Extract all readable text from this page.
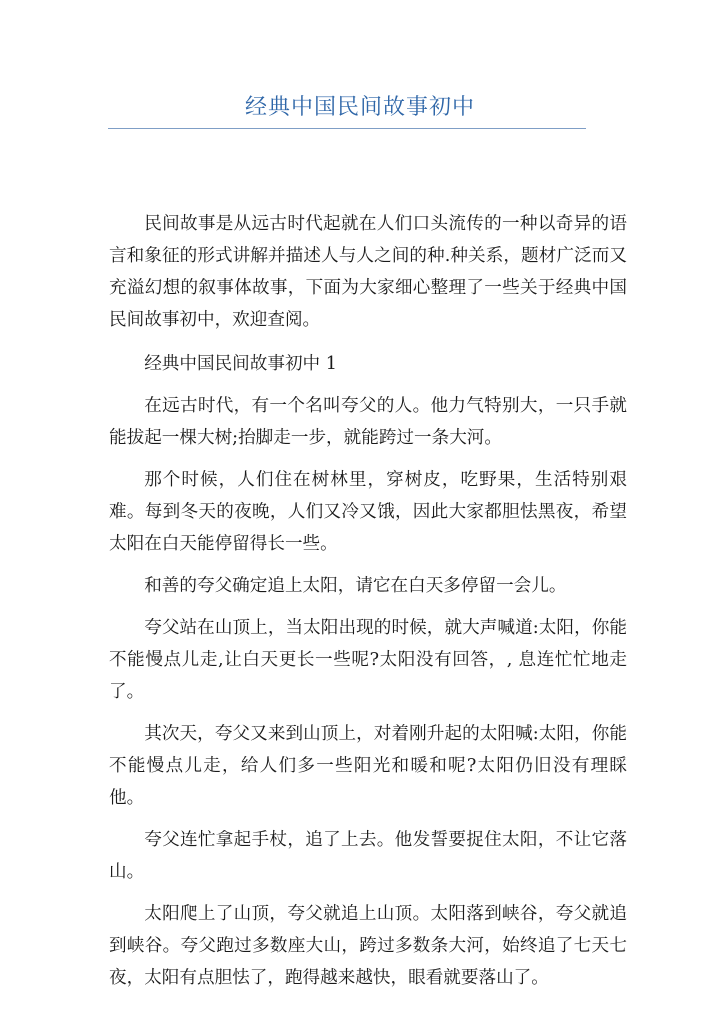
经典中国民间故事初中

民间故事是从远古时代起就在人们口头流传的一种以奇异的语言和象征的形式讲解并描述人与人之间的种.种关系，题材广泛而又充溢幻想的叙事体故事，下面为大家细心整理了一些关于经典中国民间故事初中，欢迎查阅。

经典中国民间故事初中 1

在远古时代，有一个名叫夸父的人。他力气特别大，一只手就能拔起一棵大树;抬脚走一步，就能跨过一条大河。

那个时候，人们住在树林里，穿树皮，吃野果，生活特别艰难。每到冬天的夜晚，人们又冷又饿，因此大家都胆怯黑夜，希望太阳在白天能停留得长一些。

和善的夸父确定追上太阳，请它在白天多停留一会儿。

夸父站在山顶上，当太阳出现的时候，就大声喊道:太阳，你能不能慢点儿走,让白天更长一些呢?太阳没有回答，, 息连忙忙地走了。

其次天，夸父又来到山顶上，对着刚升起的太阳喊:太阳，你能不能慢点儿走，给人们多一些阳光和暖和呢?太阳仍旧没有理睬他。

夸父连忙拿起手杖，追了上去。他发誓要捉住太阳，不让它落山。

太阳爬上了山顶，夸父就追上山顶。太阳落到峡谷，夸父就追到峡谷。夸父跑过多数座大山，跨过多数条大河，始终追了七天七夜，太阳有点胆怯了，跑得越来越快，眼看就要落山了。
